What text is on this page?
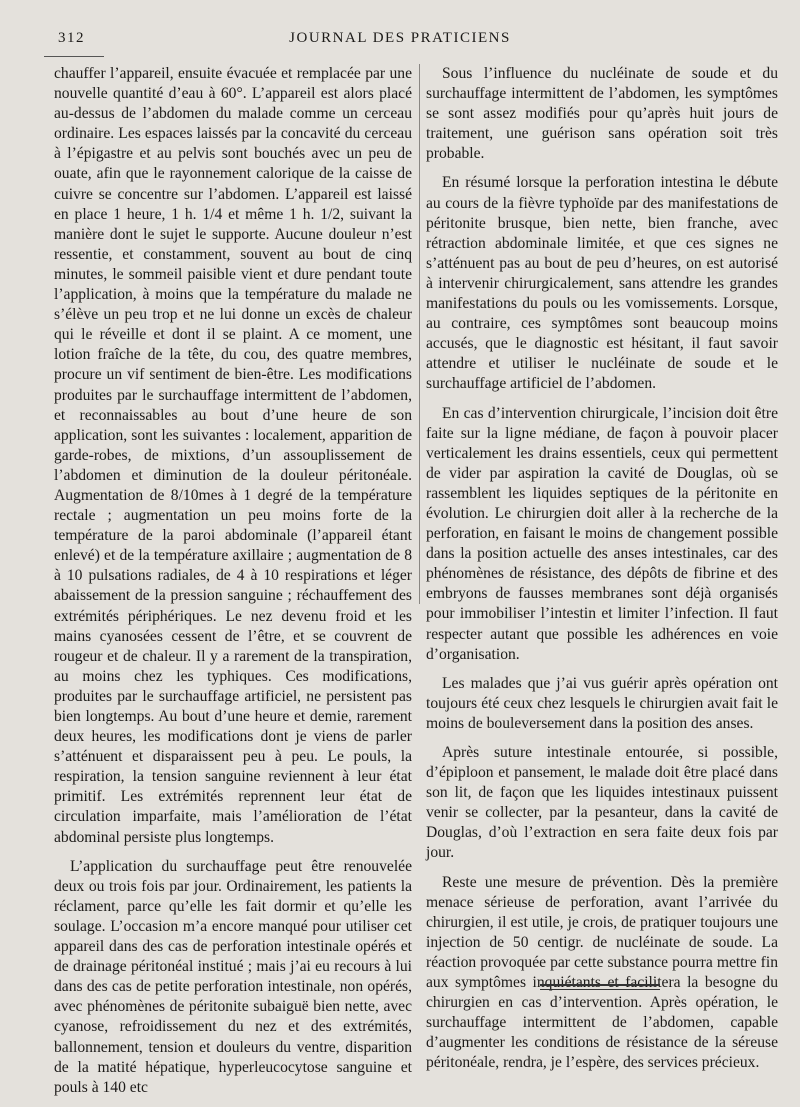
312	JOURNAL DES PRATICIENS

chauffer l’appareil, ensuite évacuée et remplacée par une nouvelle quantité d’eau à 60°. L’appareil est alors placé au-dessus de l’abdomen du malade comme un cerceau ordinaire. Les espaces laissés par la concavité du cerceau à l’épigastre et au pelvis sont bouchés avec un peu de ouate, afin que le rayonnement calorique de la caisse de cuivre se concentre sur l’abdomen. L’appareil est laissé en place 1 heure, 1 h. 1/4 et même 1 h. 1/2, suivant la manière dont le sujet le supporte. Aucune douleur n’est ressentie, et constamment, souvent au bout de cinq minutes, le sommeil paisible vient et dure pendant toute l’application, à moins que la température du malade ne s’élève un peu trop et ne lui donne un excès de chaleur qui le réveille et dont il se plaint. A ce moment, une lotion fraîche de la tête, du cou, des quatre membres, procure un vif sentiment de bien-être. Les modifications produites par le surchauffage intermittent de l’abdomen, et reconnaissables au bout d’une heure de son application, sont les suivantes : localement, apparition de garde-robes, de mixtions, d’un assouplissement de l’abdomen et diminution de la douleur péritonéale. Augmentation de 8/10mes à 1 degré de la température rectale ; augmentation un peu moins forte de la température de la paroi abdominale (l’appareil étant enlevé) et de la température axillaire ; augmentation de 8 à 10 pulsations radiales, de 4 à 10 respirations et léger abaissement de la pression sanguine ; réchauffement des extrémités périphériques. Le nez devenu froid et les mains cyanosées cessent de l’être, et se couvrent de rougeur et de chaleur. Il y a rarement de la transpiration, au moins chez les typhiques. Ces modifications, produites par le surchauffage artificiel, ne persistent pas bien longtemps. Au bout d’une heure et demie, rarement deux heures, les modifications dont je viens de parler s’atténuent et disparaissent peu à peu. Le pouls, la respiration, la tension sanguine reviennent à leur état primitif. Les extrémités reprennent leur état de circulation imparfaite, mais l’amélioration de l’état abdominal persiste plus longtemps.

L’application du surchauffage peut être renouvelée deux ou trois fois par jour. Ordinairement, les patients la réclament, parce qu’elle les fait dormir et qu’elle les soulage. L’occasion m’a encore manqué pour utiliser cet appareil dans des cas de perforation intestinale opérés et de drainage péritonéal institué ; mais j’ai eu recours à lui dans des cas de petite perforation intestinale, non opérés, avec phénomènes de péritonite subaiguë bien nette, avec cyanose, refroidissement du nez et des extrémités, ballonnement, tension et douleurs du ventre, disparition de la matité hépatique, hyperleucocytose sanguine et pouls à 140 etc

Sous l’influence du nucléinate de soude et du surchauffage intermittent de l’abdomen, les symptômes se sont assez modifiés pour qu’après huit jours de traitement, une guérison sans opération soit très probable.

En résumé lorsque la perforation intestina le débute au cours de la fièvre typhoïde par des manifestations de péritonite brusque, bien nette, bien franche, avec rétraction abdominale limitée, et que ces signes ne s’atténuent pas au bout de peu d’heures, on est autorisé à intervenir chirurgicalement, sans attendre les grandes manifestations du pouls ou les vomissements. Lorsque, au contraire, ces symptômes sont beaucoup moins accusés, que le diagnostic est hésitant, il faut savoir attendre et utiliser le nucléinate de soude et le surchauffage artificiel de l’abdomen.

En cas d’intervention chirurgicale, l’incision doit être faite sur la ligne médiane, de façon à pouvoir placer verticalement les drains essentiels, ceux qui permettent de vider par aspiration la cavité de Douglas, où se rassemblent les liquides septiques de la péritonite en évolution. Le chirurgien doit aller à la recherche de la perforation, en faisant le moins de changement possible dans la position actuelle des anses intestinales, car des phénomènes de résistance, des dépôts de fibrine et des embryons de fausses membranes sont déjà organisés pour immobiliser l’intestin et limiter l’infection. Il faut respecter autant que possible les adhérences en voie d’organisation.

Les malades que j’ai vus guérir après opération ont toujours été ceux chez lesquels le chirurgien avait fait le moins de bouleversement dans la position des anses.

Après suture intestinale entourée, si possible, d’épiploon et pansement, le malade doit être placé dans son lit, de façon que les liquides intestinaux puissent venir se collecter, par la pesanteur, dans la cavité de Douglas, d’où l’extraction en sera faite deux fois par jour.

Reste une mesure de prévention. Dès la première menace sérieuse de perforation, avant l’arrivée du chirurgien, il est utile, je crois, de pratiquer toujours une injection de 50 centigr. de nucléinate de soude. La réaction provoquée par cette substance pourra mettre fin aux symptômes inquiétants et facilitera la besogne du chirurgien en cas d’intervention. Après opération, le surchauffage intermittent de l’abdomen, capable d’augmenter les conditions de résistance de la séreuse péritonéale, rendra, je l’espère, des services précieux.
